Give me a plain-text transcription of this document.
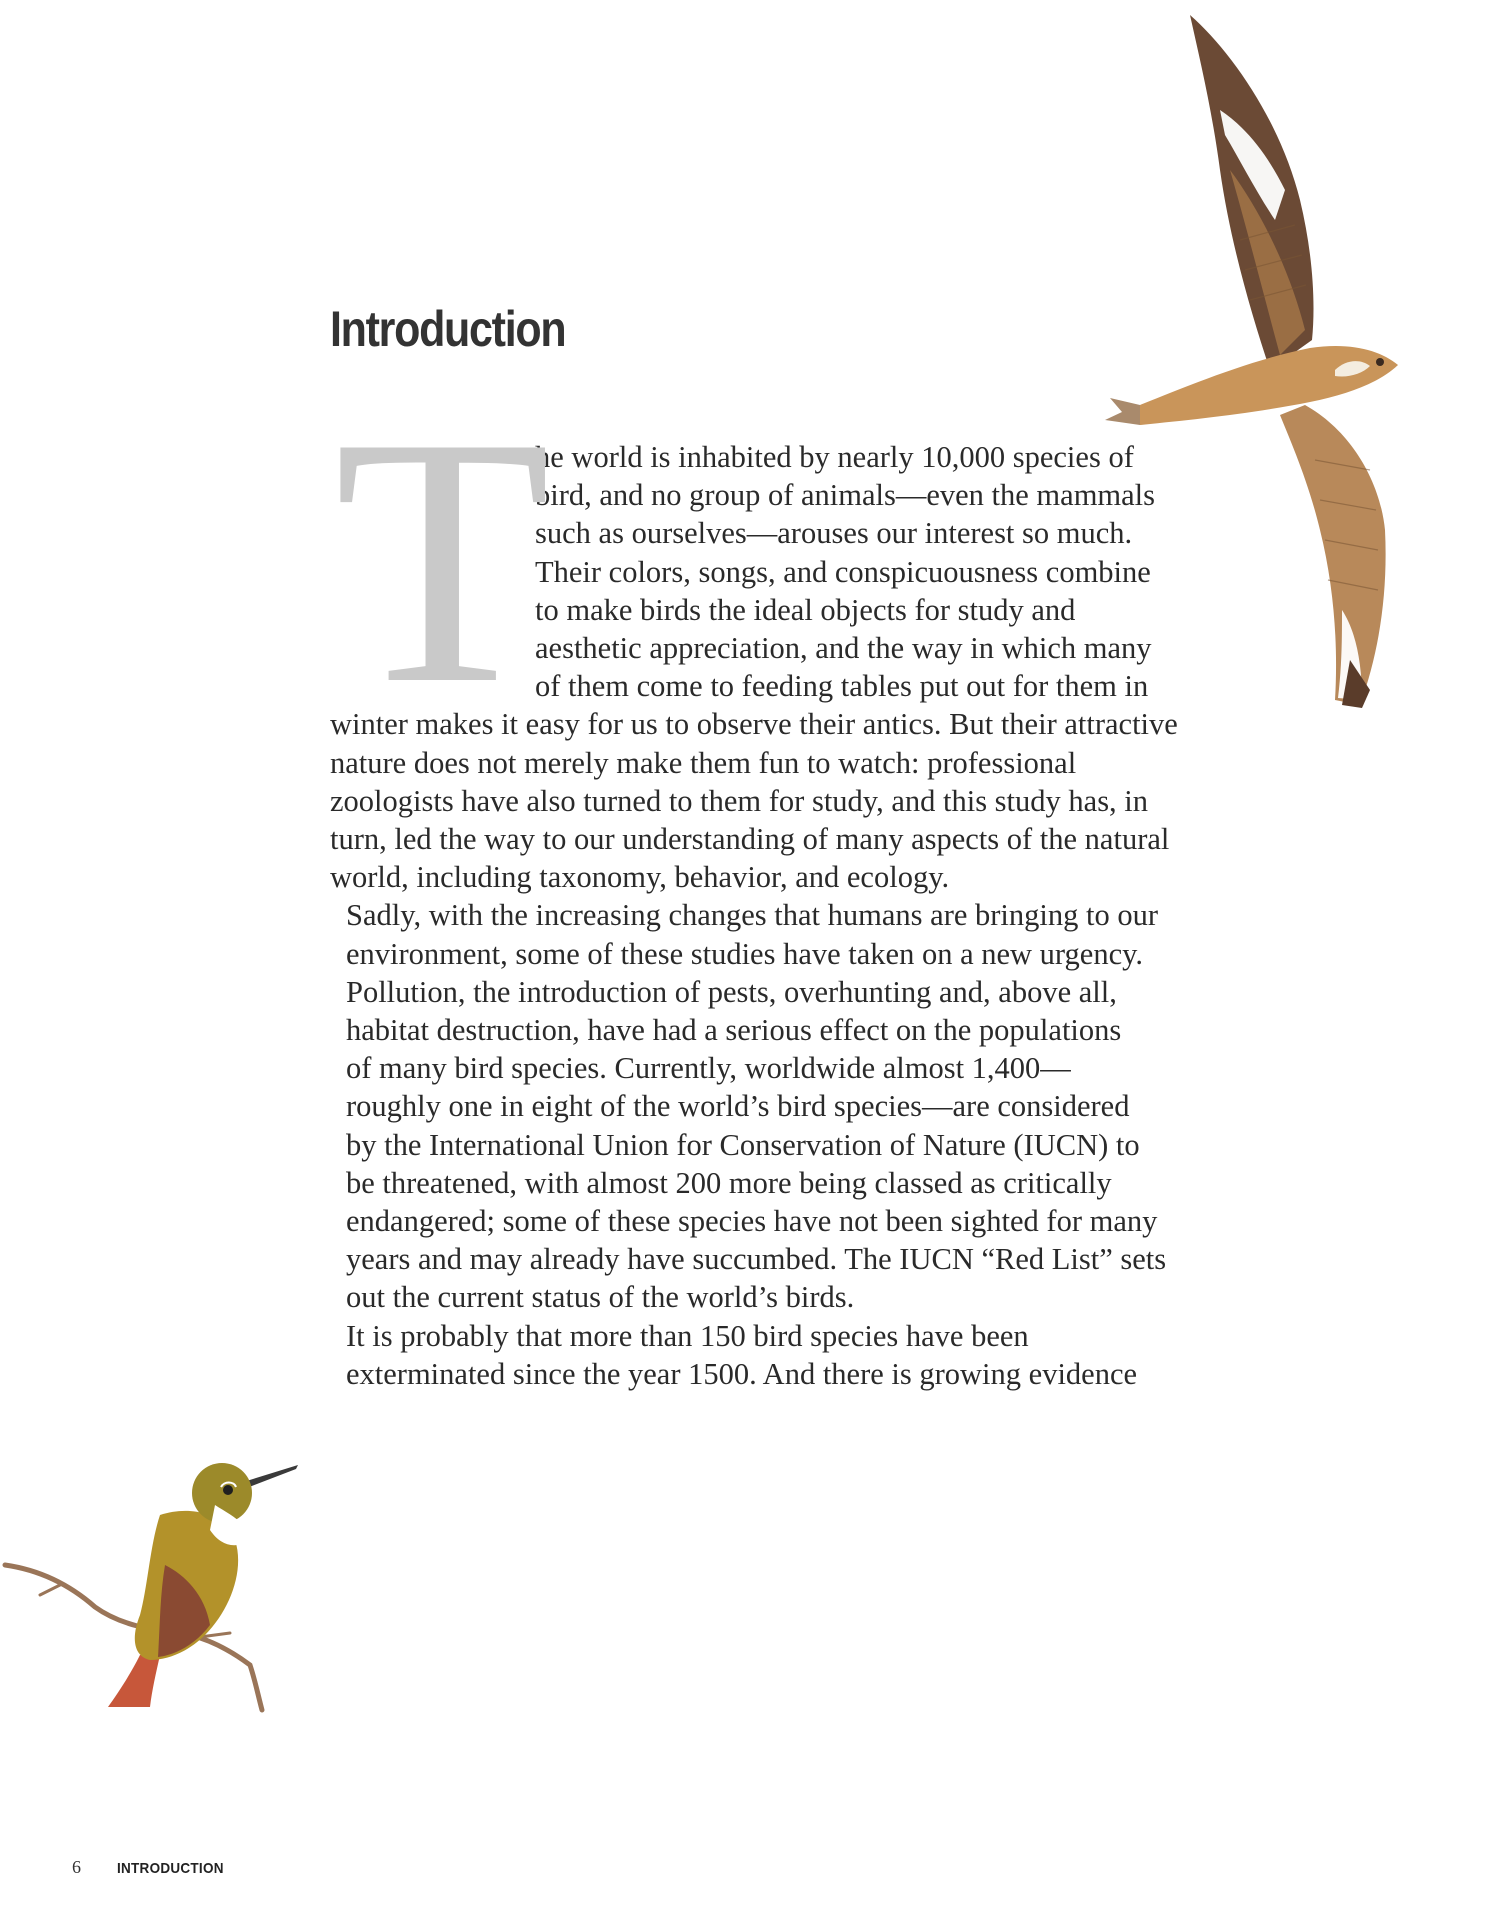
Introduction
T

he world is inhabited by nearly 10,000 species of
bird, and no group of animals—even the mammals
such as ourselves—arouses our interest so much.
Their colors, songs, and conspicuousness combine
to make birds the ideal objects for study and
aesthetic appreciation, and the way in which many
of them come to feeding tables put out for them in
winter makes it easy for us to observe their antics. But their attractive
nature does not merely make them fun to watch: professional
zoologists have also turned to them for study, and this study has, in
turn, led the way to our understanding of many aspects of the natural
world, including taxonomy, behavior, and ecology.

Sadly, with the increasing changes that humans are bringing to our
environment, some of these studies have taken on a new urgency.
Pollution, the introduction of pests, overhunting and, above all,
habitat destruction, have had a serious effect on the populations
of many bird species. Currently, worldwide almost 1,400—
roughly one in eight of the world’s bird species—are considered
by the International Union for Conservation of Nature (IUCN) to
be threatened, with almost 200 more being classed as critically
endangered; some of these species have not been sighted for many
years and may already have succumbed. The IUCN “Red List” sets
out the current status of the world’s birds.

It is probably that more than 150 bird species have been
exterminated since the year 1500. And there is growing evidence

6	INTRODUCTION
